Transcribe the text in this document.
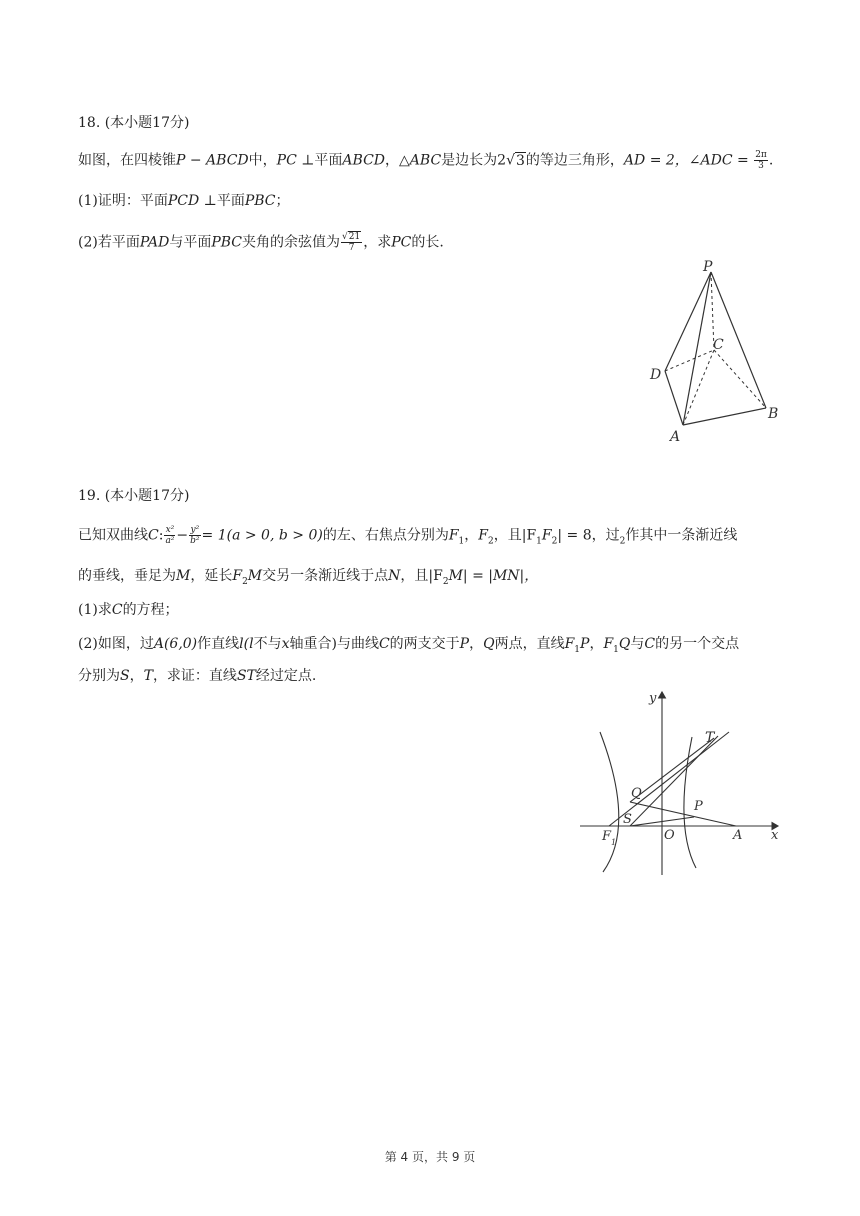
18. (本小题17分)
如图，在四棱锥P − ABCD中，PC ⊥平面ABCD，△ABC是边长为2√3的等边三角形，AD = 2，∠ADC = $\frac{2\pi}{3}$ .
(1)证明：平面PCD ⊥平面PBC；
(2)若平面PAD与平面PBC夹角的余弦值为 $\frac{√21}{7}$ ，求PC的长.
P
C
D
A
B
19. (本小题17分)
已知双曲线C: $\frac{\text{x²}}{\text{a²}} - \frac{\text{y²}}{\text{b²}} = 1(a > 0$, b > 0)的左、右焦点分别为$F_1$，$F_2$，且$|F_1F_2| = 8$，过$_2$作其中一条渐近线
的垂线，垂足为M，延长$F_2M$交另一条渐近线于点N，且$|F_2M| = |MN|$，
(1)求C的方程；
(2)如图，过A(6,0)作直线l(l不与x轴重合)与曲线C的两支交于P，Q两点，直线$F_1P$，$F_1Q$与C的另一个交点
分别为S，T，求证：直线ST经过定点.
y
T
Q
P
S
O	A x
$F_1$
第 4 页，共 9 页
